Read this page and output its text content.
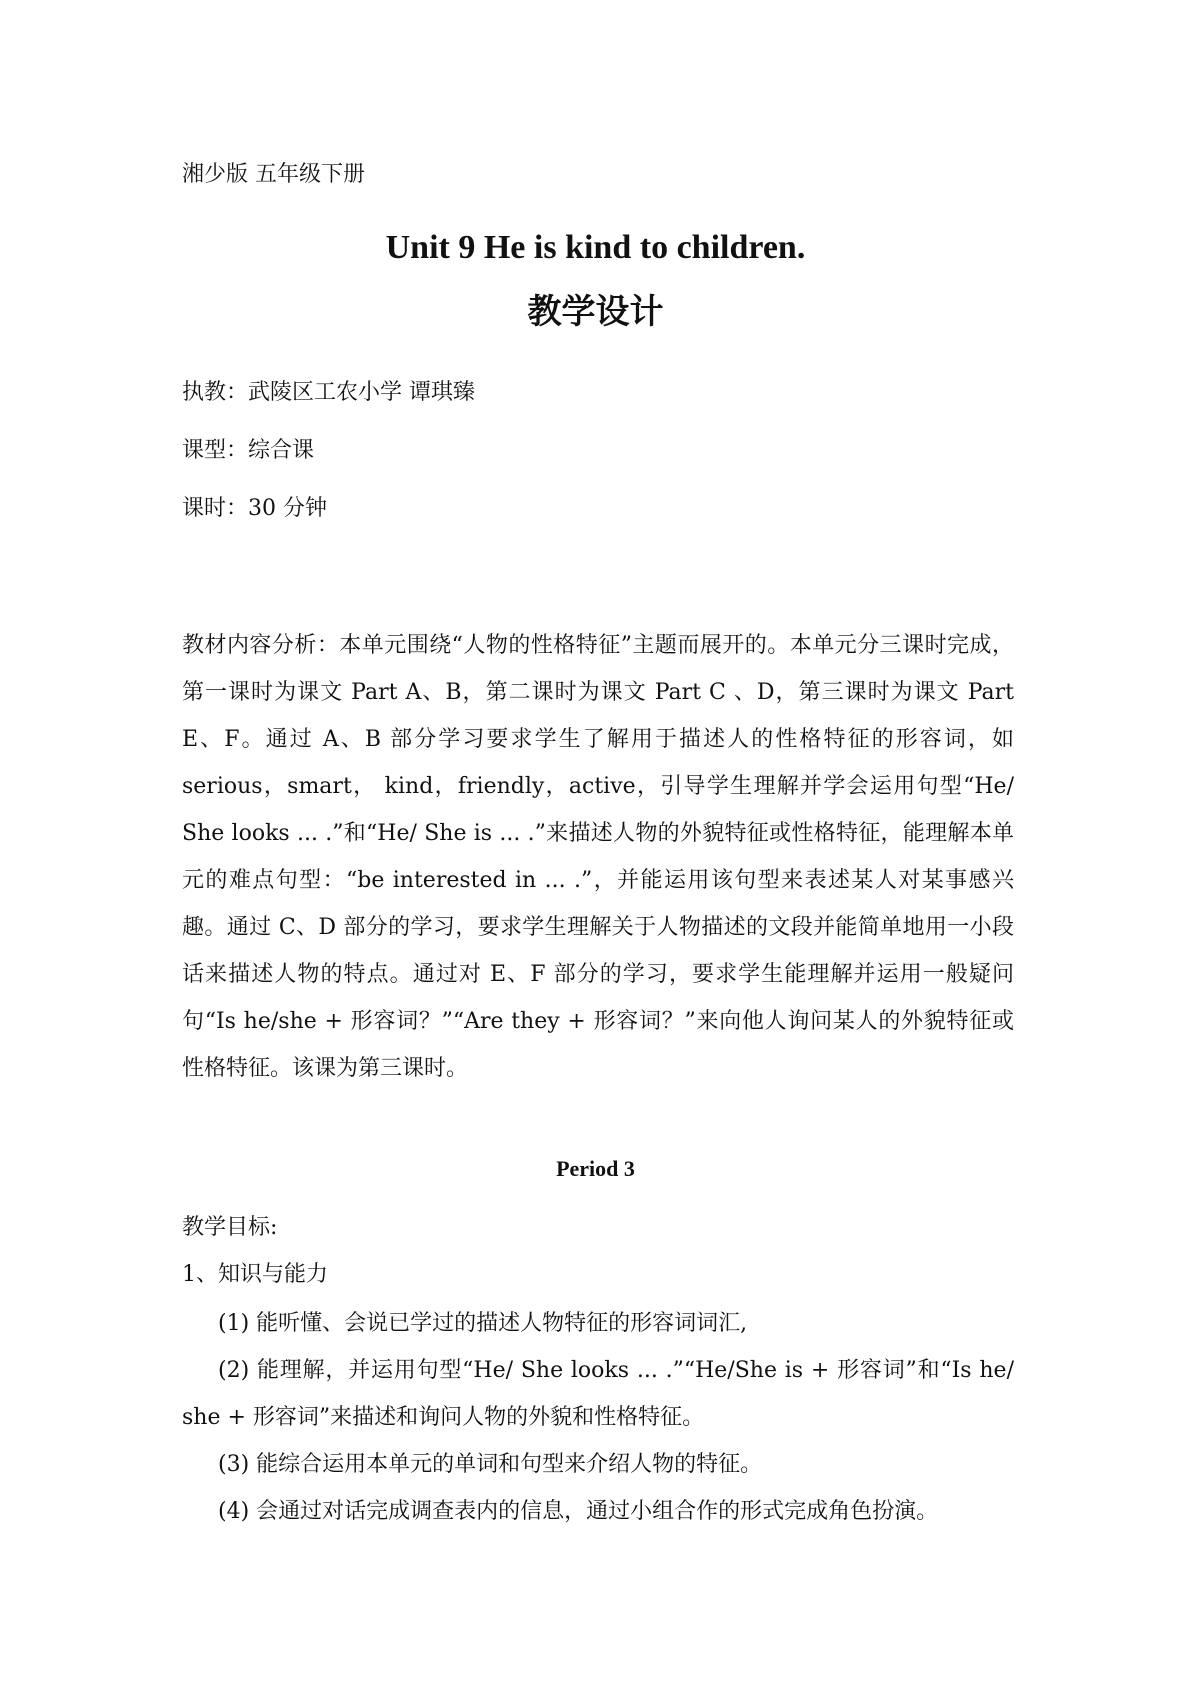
湘少版 五年级下册
Unit 9 He is kind to children.
教学设计
执教：武陵区工农小学 谭琪臻
课型：综合课
课时：30 分钟
教材内容分析：本单元围绕“人物的性格特征”主题而展开的。本单元分三课时完成，第一课时为课文 Part A、B，第二课时为课文 Part C 、D，第三课时为课文 Part E、F。通过 A、B 部分学习要求学生了解用于描述人的性格特征的形容词，如 serious，smart， kind，friendly，active，引导学生理解并学会运用句型“He/ She looks ... .”和“He/ She is ... .”来描述人物的外貌特征或性格特征，能理解本单元的难点句型：“be interested in ... .”，并能运用该句型来表述某人对某事感兴趣。通过 C、D 部分的学习，要求学生理解关于人物描述的文段并能简单地用一小段话来描述人物的特点。通过对 E、F 部分的学习，要求学生能理解并运用一般疑问句“Is he/she + 形容词？”“Are they + 形容词？”来向他人询问某人的外貌特征或性格特征。该课为第三课时。
Period 3
教学目标:
1、知识与能力
(1) 能听懂、会说已学过的描述人物特征的形容词词汇,
(2) 能理解，并运用句型“He/ She looks ... .”“He/She is + 形容词”和“Is he/ she + 形容词”来描述和询问人物的外貌和性格特征。
(3) 能综合运用本单元的单词和句型来介绍人物的特征。
(4) 会通过对话完成调查表内的信息，通过小组合作的形式完成角色扮演。
